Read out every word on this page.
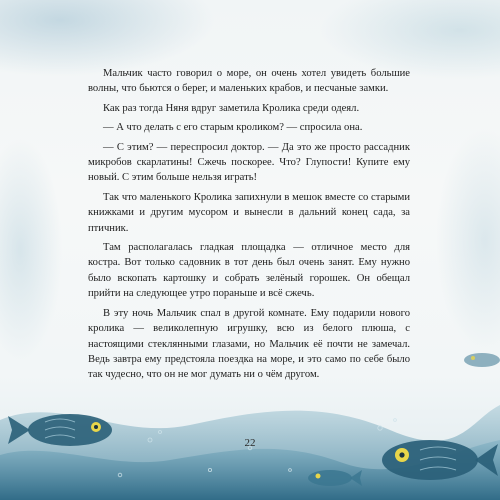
Мальчик часто говорил о море, он очень хотел увидеть большие волны, что бьются о берег, и маленьких крабов, и песчаные замки.

Как раз тогда Няня вдруг заметила Кролика среди одеял.

— А что делать с его старым кроликом? — спросила она.

— С этим? — переспросил доктор. — Да это же просто рассадник микробов скарлатины! Сжечь поскорее. Что? Глупости! Купите ему новый. С этим больше нельзя играть!

Так что маленького Кролика запихнули в мешок вместе со старыми книжками и другим мусором и вынесли в дальний конец сада, за птичник.

Там располагалась гладкая площадка — отличное место для костра. Вот только садовник в тот день был очень занят. Ему нужно было вскопать картошку и собрать зелёный горошек. Он обещал прийти на следующее утро пораньше и всё сжечь.

В эту ночь Мальчик спал в другой комнате. Ему подарили нового кролика — великолепную игрушку, всю из белого плюша, с настоящими стеклянными глазами, но Мальчик её почти не замечал. Ведь завтра ему предстояла поездка на море, и это само по себе было так чудесно, что он не мог думать ни о чём другом.

22
